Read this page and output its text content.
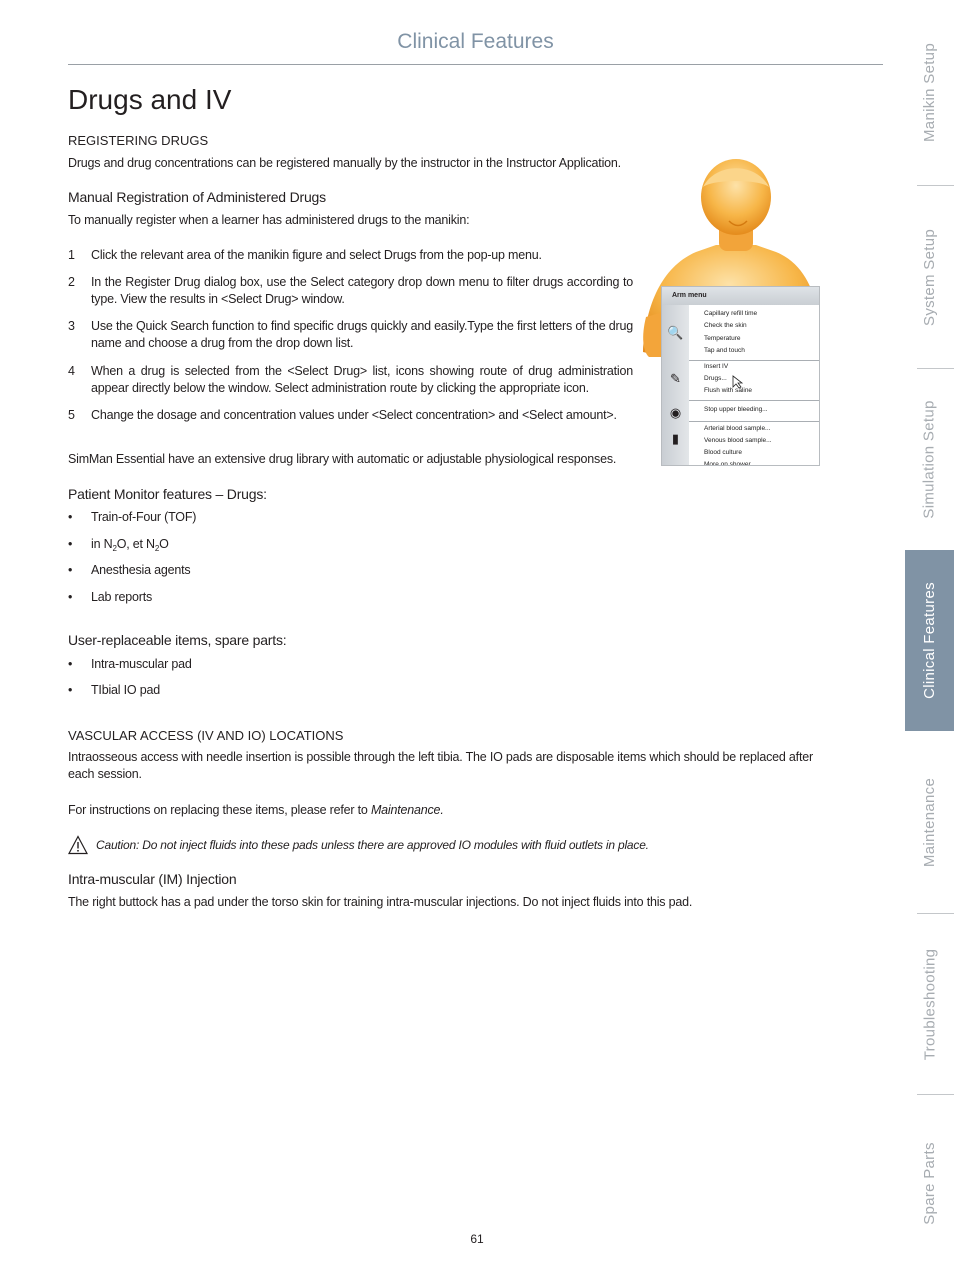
Clinical Features
Drugs and IV
REGISTERING DRUGS
Drugs and drug concentrations can be registered manually by the instructor in the Instructor Application.
Manual Registration of Administered Drugs
To manually register when a learner has administered drugs to the manikin:
1 Click the relevant area of the manikin figure and select Drugs from the pop-up menu.
2 In the Register Drug dialog box, use the Select category drop down menu to filter drugs according to type. View the results in <Select Drug> window.
3 Use the Quick Search function to find specific drugs quickly and easily.Type the first letters of the drug name and choose a drug from the drop down list.
4 When a drug is selected from the <Select Drug> list, icons showing route of drug administration appear directly below the window. Select administration route by clicking the appropriate icon.
5 Change the dosage and concentration values under <Select concentration> and <Select amount>.
SimMan Essential have an extensive drug library with automatic or adjustable physiological responses.
Patient Monitor features – Drugs:
• Train-of-Four (TOF)
• in $N_2O$, et $N_2O$
• Anesthesia agents
• Lab reports
User-replaceable items, spare parts:
• Intra-muscular pad
• TIbial IO pad
VASCULAR ACCESS (IV AND IO) LOCATIONS
Intraosseous access with needle insertion is possible through the left tibia. The IO pads are disposable items which should be replaced after each session.
For instructions on replacing these items, please refer to Maintenance.
Caution: Do not inject fluids into these pads unless there are approved IO modules with fluid outlets in place.
Intra-muscular (IM) Injection
The right buttock has a pad under the torso skin for training intra-muscular injections. Do not inject fluids into this pad.
Arm menu
🔍
✎
◉
▮
Capillary refill time
Check the skin
Temperature
Tap and touch
Insert IV
Drugs...
Flush with saline
Stop upper bleeding...
Arterial blood sample...
Venous blood sample...
Blood culture
More on shower
Manikin Setup
System Setup
Simulation Setup
Clinical Features
Maintenance
Troubleshooting
Spare Parts
61
